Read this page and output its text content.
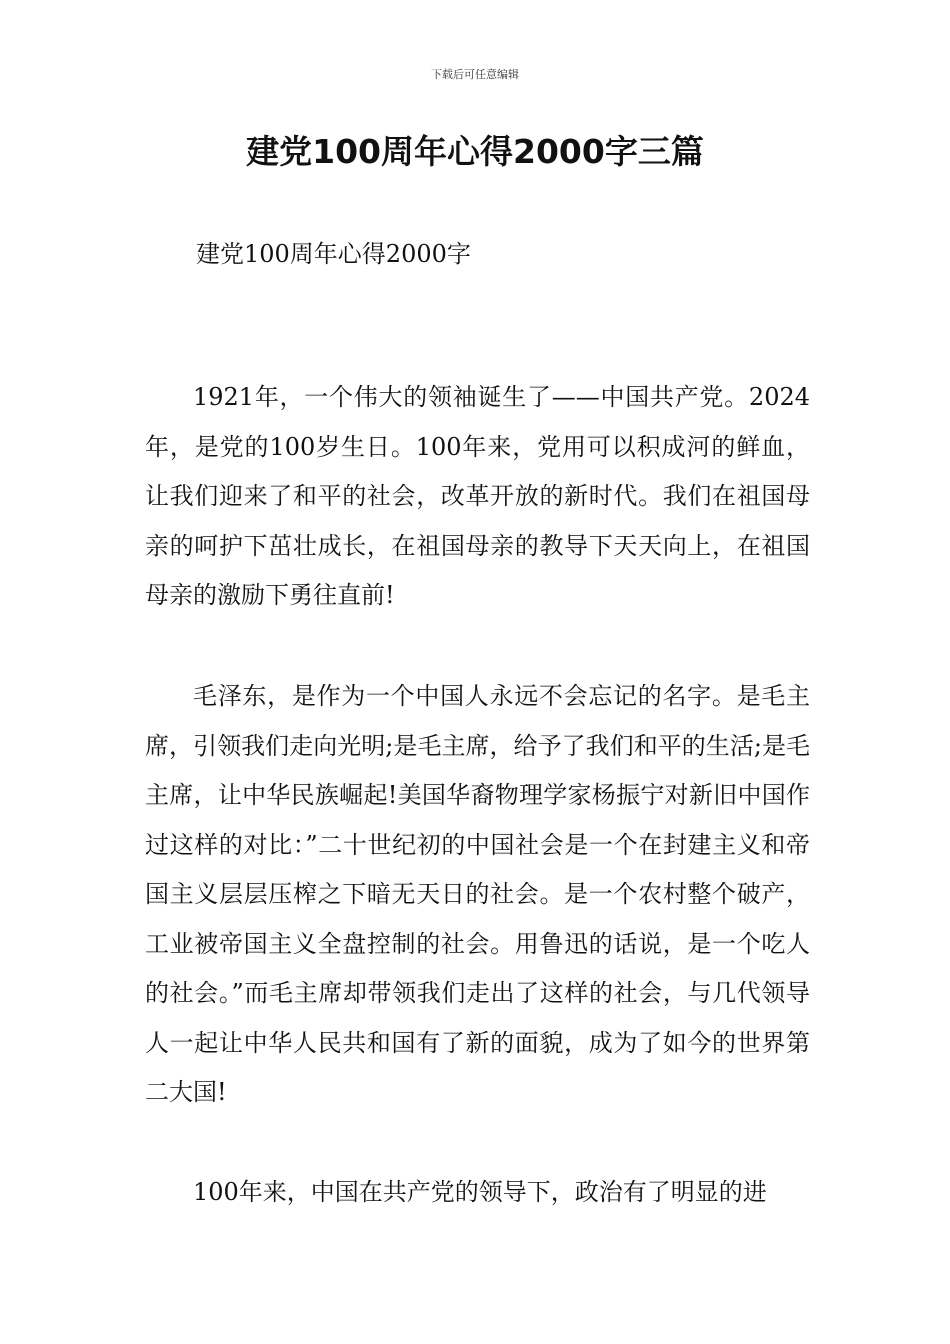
下载后可任意编辑
建党100周年心得2000字三篇
建党100周年心得2000字

1921年，一个伟大的领袖诞生了——中国共产党。2024年，是党的100岁生日。100年来，党用可以积成河的鲜血，让我们迎来了和平的社会，改革开放的新时代。我们在祖国母亲的呵护下茁壮成长，在祖国母亲的教导下天天向上，在祖国母亲的激励下勇往直前!

毛泽东，是作为一个中国人永远不会忘记的名字。是毛主席，引领我们走向光明;是毛主席，给予了我们和平的生活;是毛主席，让中华民族崛起!美国华裔物理学家杨振宁对新旧中国作过这样的对比：”二十世纪初的中国社会是一个在封建主义和帝国主义层层压榨之下暗无天日的社会。是一个农村整个破产，工业被帝国主义全盘控制的社会。用鲁迅的话说，是一个吃人的社会。”而毛主席却带领我们走出了这样的社会，与几代领导人一起让中华人民共和国有了新的面貌，成为了如今的世界第二大国!

100年来，中国在共产党的领导下，政治有了明显的进
